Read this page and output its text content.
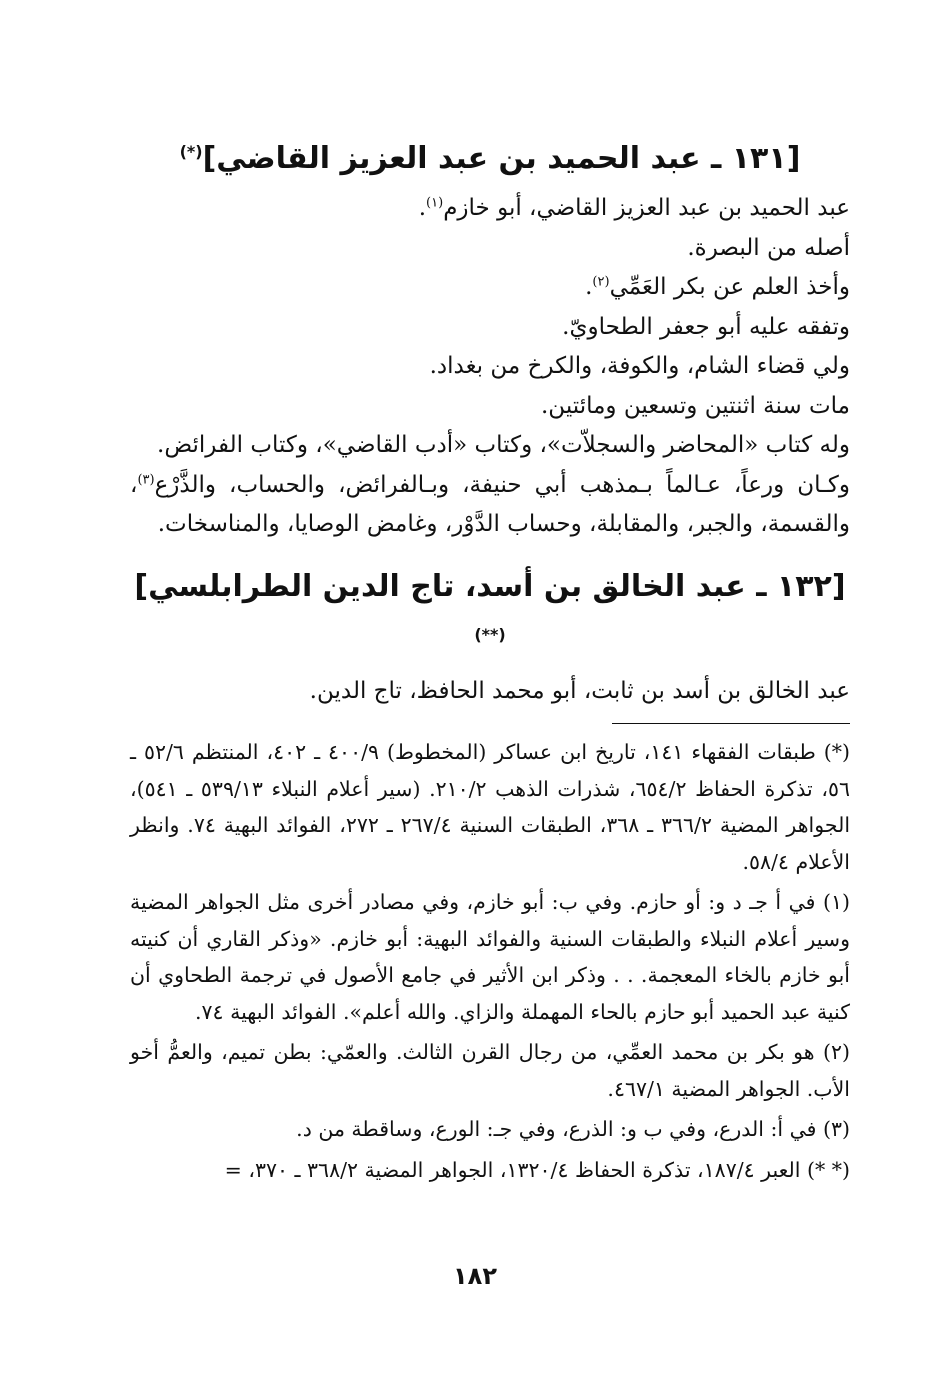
[١٣١ ـ عبد الحميد بن عبد العزيز القاضي](*)

عبد الحميد بن عبد العزيز القاضي، أبو خازم$^{(١)}$.

أصله من البصرة.

وأخذ العلم عن بكر العَمِّي$^{(٢)}$.

وتفقه عليه أبو جعفر الطحاويّ.

ولي قضاء الشام، والكوفة، والكرخ من بغداد.

مات سنة اثنتين وتسعين ومائتين.

وله كتاب «المحاضر والسجلاّت»، وكتاب «أدب القاضي»، وكتاب الفرائض.

وكـان ورعاً، عـالماً بـمذهب أبي حنيفة، وبـالفرائض، والحساب، والذَّرْع$^{(٣)}$، والقسمة، والجبر، والمقابلة، وحساب الدَّوْر، وغامض الوصايا، والمناسخات.

[١٣٢ ـ عبد الخالق بن أسد، تاج الدين الطرابلسي](**)

عبد الخالق بن أسد بن ثابت، أبو محمد الحافظ، تاج الدين.

(*) طبقات الفقهاء ١٤١، تاريخ ابن عساكر (المخطوط) ٤٠٠/٩ ـ ٤٠٢، المنتظم ٥٢/٦ ـ ٥٦، تذكرة الحفاظ ٦٥٤/٢، شذرات الذهب ٢١٠/٢. (سير أعلام النبلاء ٥٣٩/١٣ ـ ٥٤١)، الجواهر المضية ٣٦٦/٢ ـ ٣٦٨، الطبقات السنية ٢٦٧/٤ ـ ٢٧٢، الفوائد البهية ٧٤. وانظر الأعلام ٥٨/٤.

(١) في أ جـ د و: أو حازم. وفي ب: أبو خازم، وفي مصادر أخرى مثل الجواهر المضية وسير أعلام النبلاء والطبقات السنية والفوائد البهية: أبو خازم. «وذكر القاري أن كنيته أبو خازم بالخاء المعجمة. . . وذكر ابن الأثير في جامع الأصول في ترجمة الطحاوي أن كنية عبد الحميد أبو حازم بالحاء المهملة والزاي. والله أعلم». الفوائد البهية ٧٤.

(٢) هو بكر بن محمد العمِّي، من رجال القرن الثالث. والعمّي: بطن تميم، والعمُّ أخو الأب. الجواهر المضية ٤٦٧/١.

(٣) في أ: الدرع، وفي ب و: الذرع، وفي جـ: الورع، وساقطة من د.

(* *) العبر ١٨٧/٤، تذكرة الحفاظ ١٣٢٠/٤، الجواهر المضية ٣٦٨/٢ ـ ٣٧٠، =

١٨٢
